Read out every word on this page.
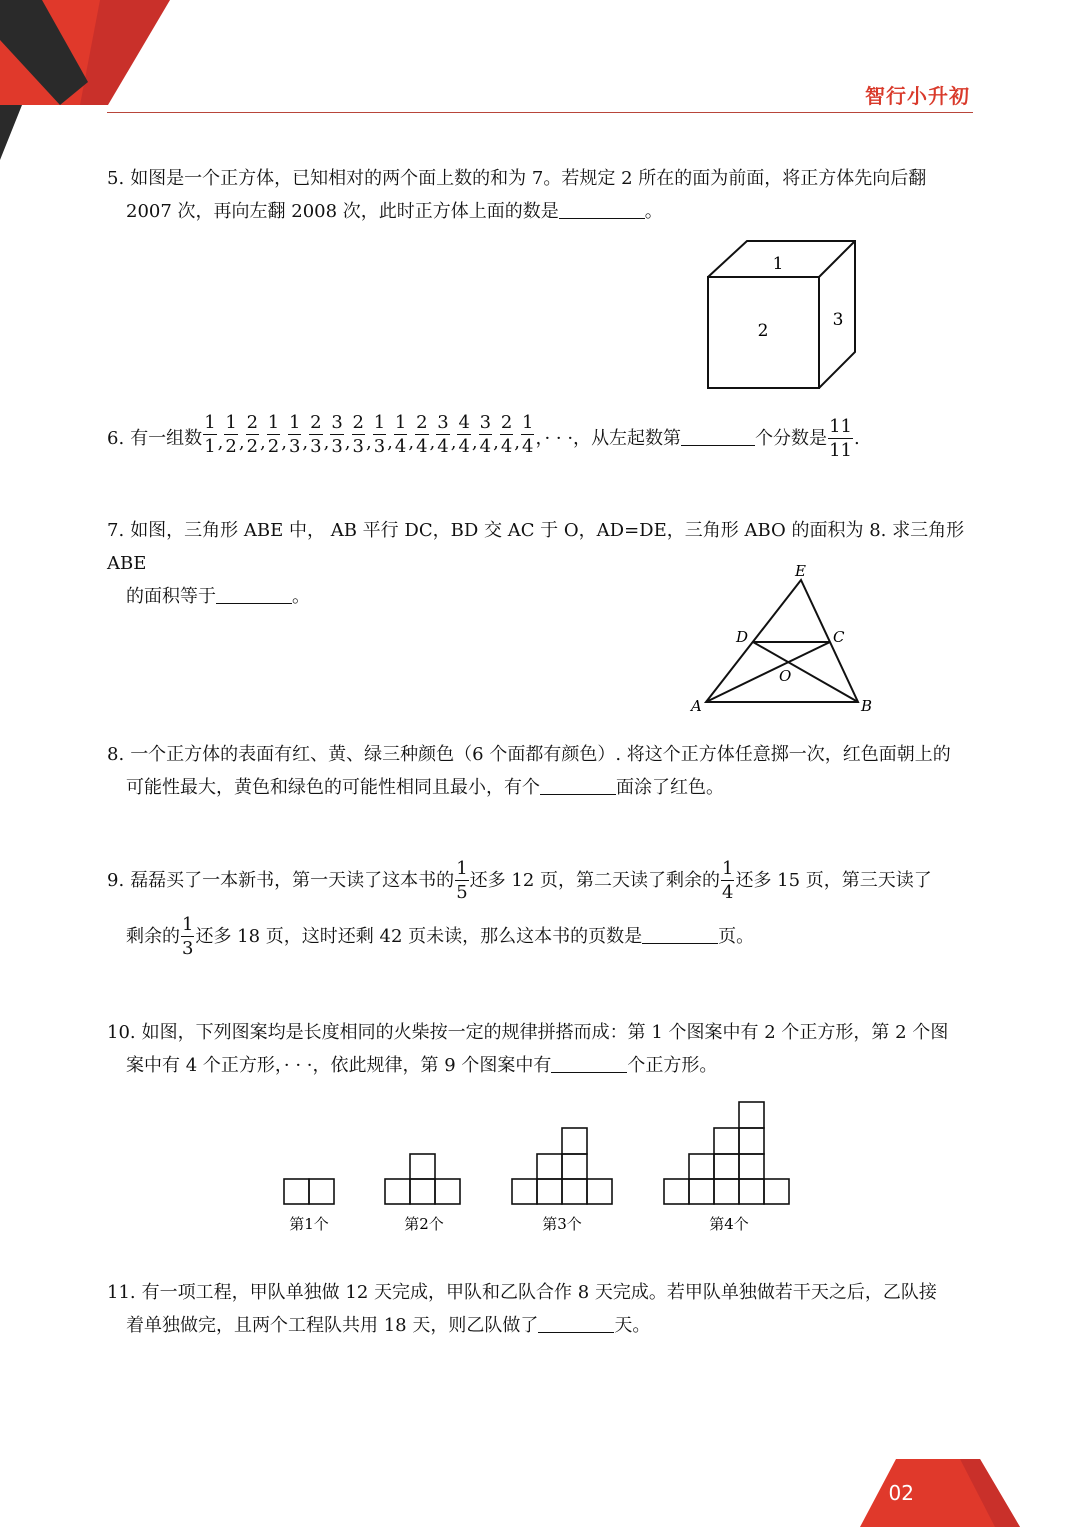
智行小升初
5. 如图是一个正方体，已知相对的两个面上数的和为 7。若规定 2 所在的面为前面，将正方体先向后翻
2007 次，再向左翻 2008 次，此时正方体上面的数是	。
1
2
3
6. 有一组数 $\frac{1}{1}$ , $\frac{1}{2}$ , $\frac{2}{2}$ , $\frac{1}{2}$ , $\frac{1}{3}$ , $\frac{2}{3}$ , $\frac{3}{3}$ , $\frac{2}{3}$ , $\frac{1}{3}$ , $\frac{1}{4}$ , $\frac{2}{4}$ , $\frac{3}{4}$ , $\frac{4}{4}$ , $\frac{3}{4}$ , $\frac{2}{4}$ , $\frac{1}{4}$ ，· · ·，从左起数第	个分数是 $\frac{11}{11}$ .
7. 如图，三角形 ABE 中， AB 平行 DC，BD 交 AC 于 O，AD=DE，三角形 ABO 的面积为 8. 求三角形 ABE
的面积等于	。
E
D	C
O
A	B
8. 一个正方体的表面有红、黄、绿三种颜色（6 个面都有颜色）. 将这个正方体任意掷一次，红色面朝上的
可能性最大，黄色和绿色的可能性相同且最小，有个	面涂了红色。
9. 磊磊买了一本新书，第一天读了这本书的 $\frac{1}{5}$ 还多 12 页，第二天读了剩余的 $\frac{1}{4}$ 还多 15 页，第三天读了
剩余的 $\frac{1}{3}$ 还多 18 页，这时还剩 42 页未读，那么这本书的页数是	页。
10. 如图，下列图案均是长度相同的火柴按一定的规律拼搭而成：第 1 个图案中有 2 个正方形，第 2 个图
案中有 4 个正方形，· · ·，依此规律，第 9 个图案中有	个正方形。
第1个	第2个	第3个	第4个
11. 有一项工程，甲队单独做 12 天完成，甲队和乙队合作 8 天完成。若甲队单独做若干天之后，乙队接
着单独做完，且两个工程队共用 18 天，则乙队做了	天。
02
